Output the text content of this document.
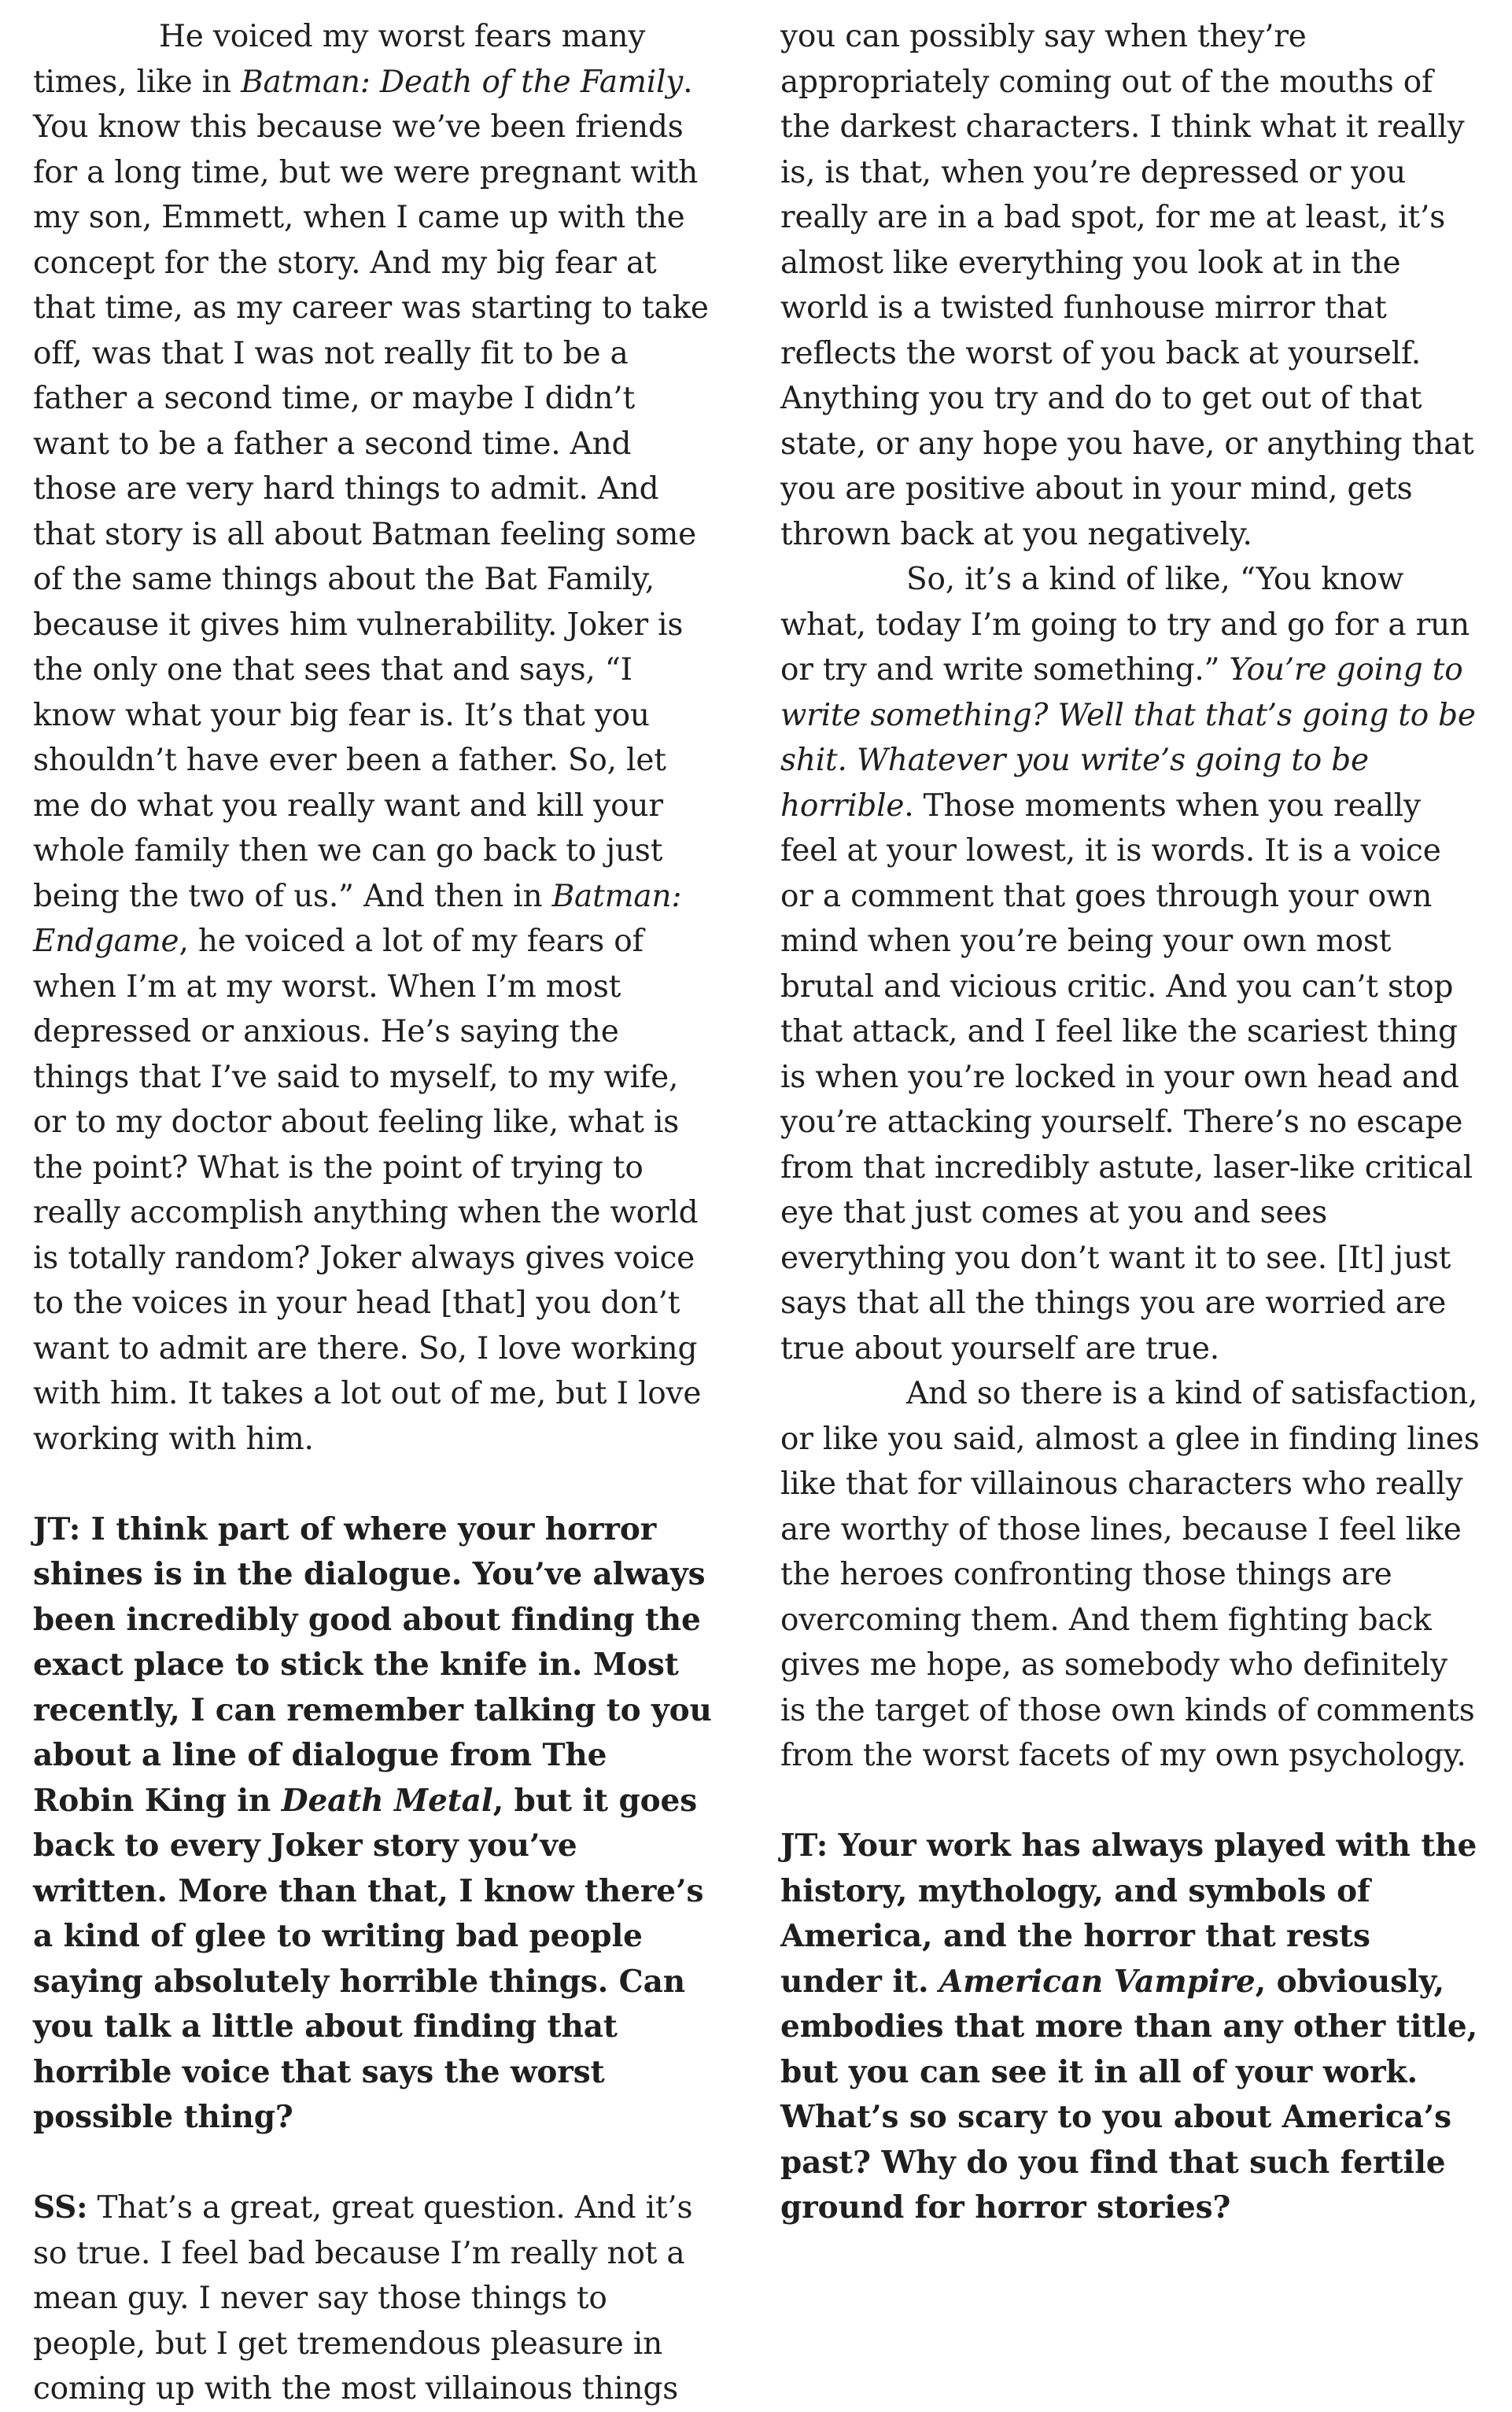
He voiced my worst fears many times, like in Batman: Death of the Family. You know this because we’ve been friends for a long time, but we were pregnant with my son, Emmett, when I came up with the concept for the story. And my big fear at that time, as my career was starting to take off, was that I was not really fit to be a father a second time, or maybe I didn’t want to be a father a second time. And those are very hard things to admit. And that story is all about Batman feeling some of the same things about the Bat Family, because it gives him vulnerability. Joker is the only one that sees that and says, “I know what your big fear is. It’s that you shouldn’t have ever been a father. So, let me do what you really want and kill your whole family then we can go back to just being the two of us.” And then in Batman: Endgame, he voiced a lot of my fears of when I’m at my worst. When I’m most depressed or anxious. He’s saying the things that I’ve said to myself, to my wife, or to my doctor about feeling like, what is the point? What is the point of trying to really accomplish anything when the world is totally random? Joker always gives voice to the voices in your head [that] you don’t want to admit are there. So, I love working with him. It takes a lot out of me, but I love working with him.

JT: I think part of where your horror shines is in the dialogue. You’ve always been incredibly good about finding the exact place to stick the knife in. Most recently, I can remember talking to you about a line of dialogue from The Robin King in Death Metal, but it goes back to every Joker story you’ve written. More than that, I know there’s a kind of glee to writing bad people saying absolutely horrible things. Can you talk a little about finding that horrible voice that says the worst possible thing?

SS: That’s a great, great question. And it’s so true. I feel bad because I’m really not a mean guy. I never say those things to people, but I get tremendous pleasure in coming up with the most villainous things

you can possibly say when they’re appropriately coming out of the mouths of the darkest characters. I think what it really is, is that, when you’re depressed or you really are in a bad spot, for me at least, it’s almost like everything you look at in the world is a twisted funhouse mirror that reflects the worst of you back at yourself. Anything you try and do to get out of that state, or any hope you have, or anything that you are positive about in your mind, gets thrown back at you negatively.

So, it’s a kind of like, “You know what, today I’m going to try and go for a run or try and write something.” You’re going to write something? Well that that’s going to be shit. Whatever you write’s going to be horrible. Those moments when you really feel at your lowest, it is words. It is a voice or a comment that goes through your own mind when you’re being your own most brutal and vicious critic. And you can’t stop that attack, and I feel like the scariest thing is when you’re locked in your own head and you’re attacking yourself. There’s no escape from that incredibly astute, laser-like critical eye that just comes at you and sees everything you don’t want it to see. [It] just says that all the things you are worried are true about yourself are true.

And so there is a kind of satisfaction, or like you said, almost a glee in finding lines like that for villainous characters who really are worthy of those lines, because I feel like the heroes confronting those things are overcoming them. And them fighting back gives me hope, as somebody who definitely is the target of those own kinds of comments from the worst facets of my own psychology.

JT: Your work has always played with the history, mythology, and symbols of America, and the horror that rests under it. American Vampire, obviously, embodies that more than any other title, but you can see it in all of your work. What’s so scary to you about America’s past? Why do you find that such fertile ground for horror stories?
